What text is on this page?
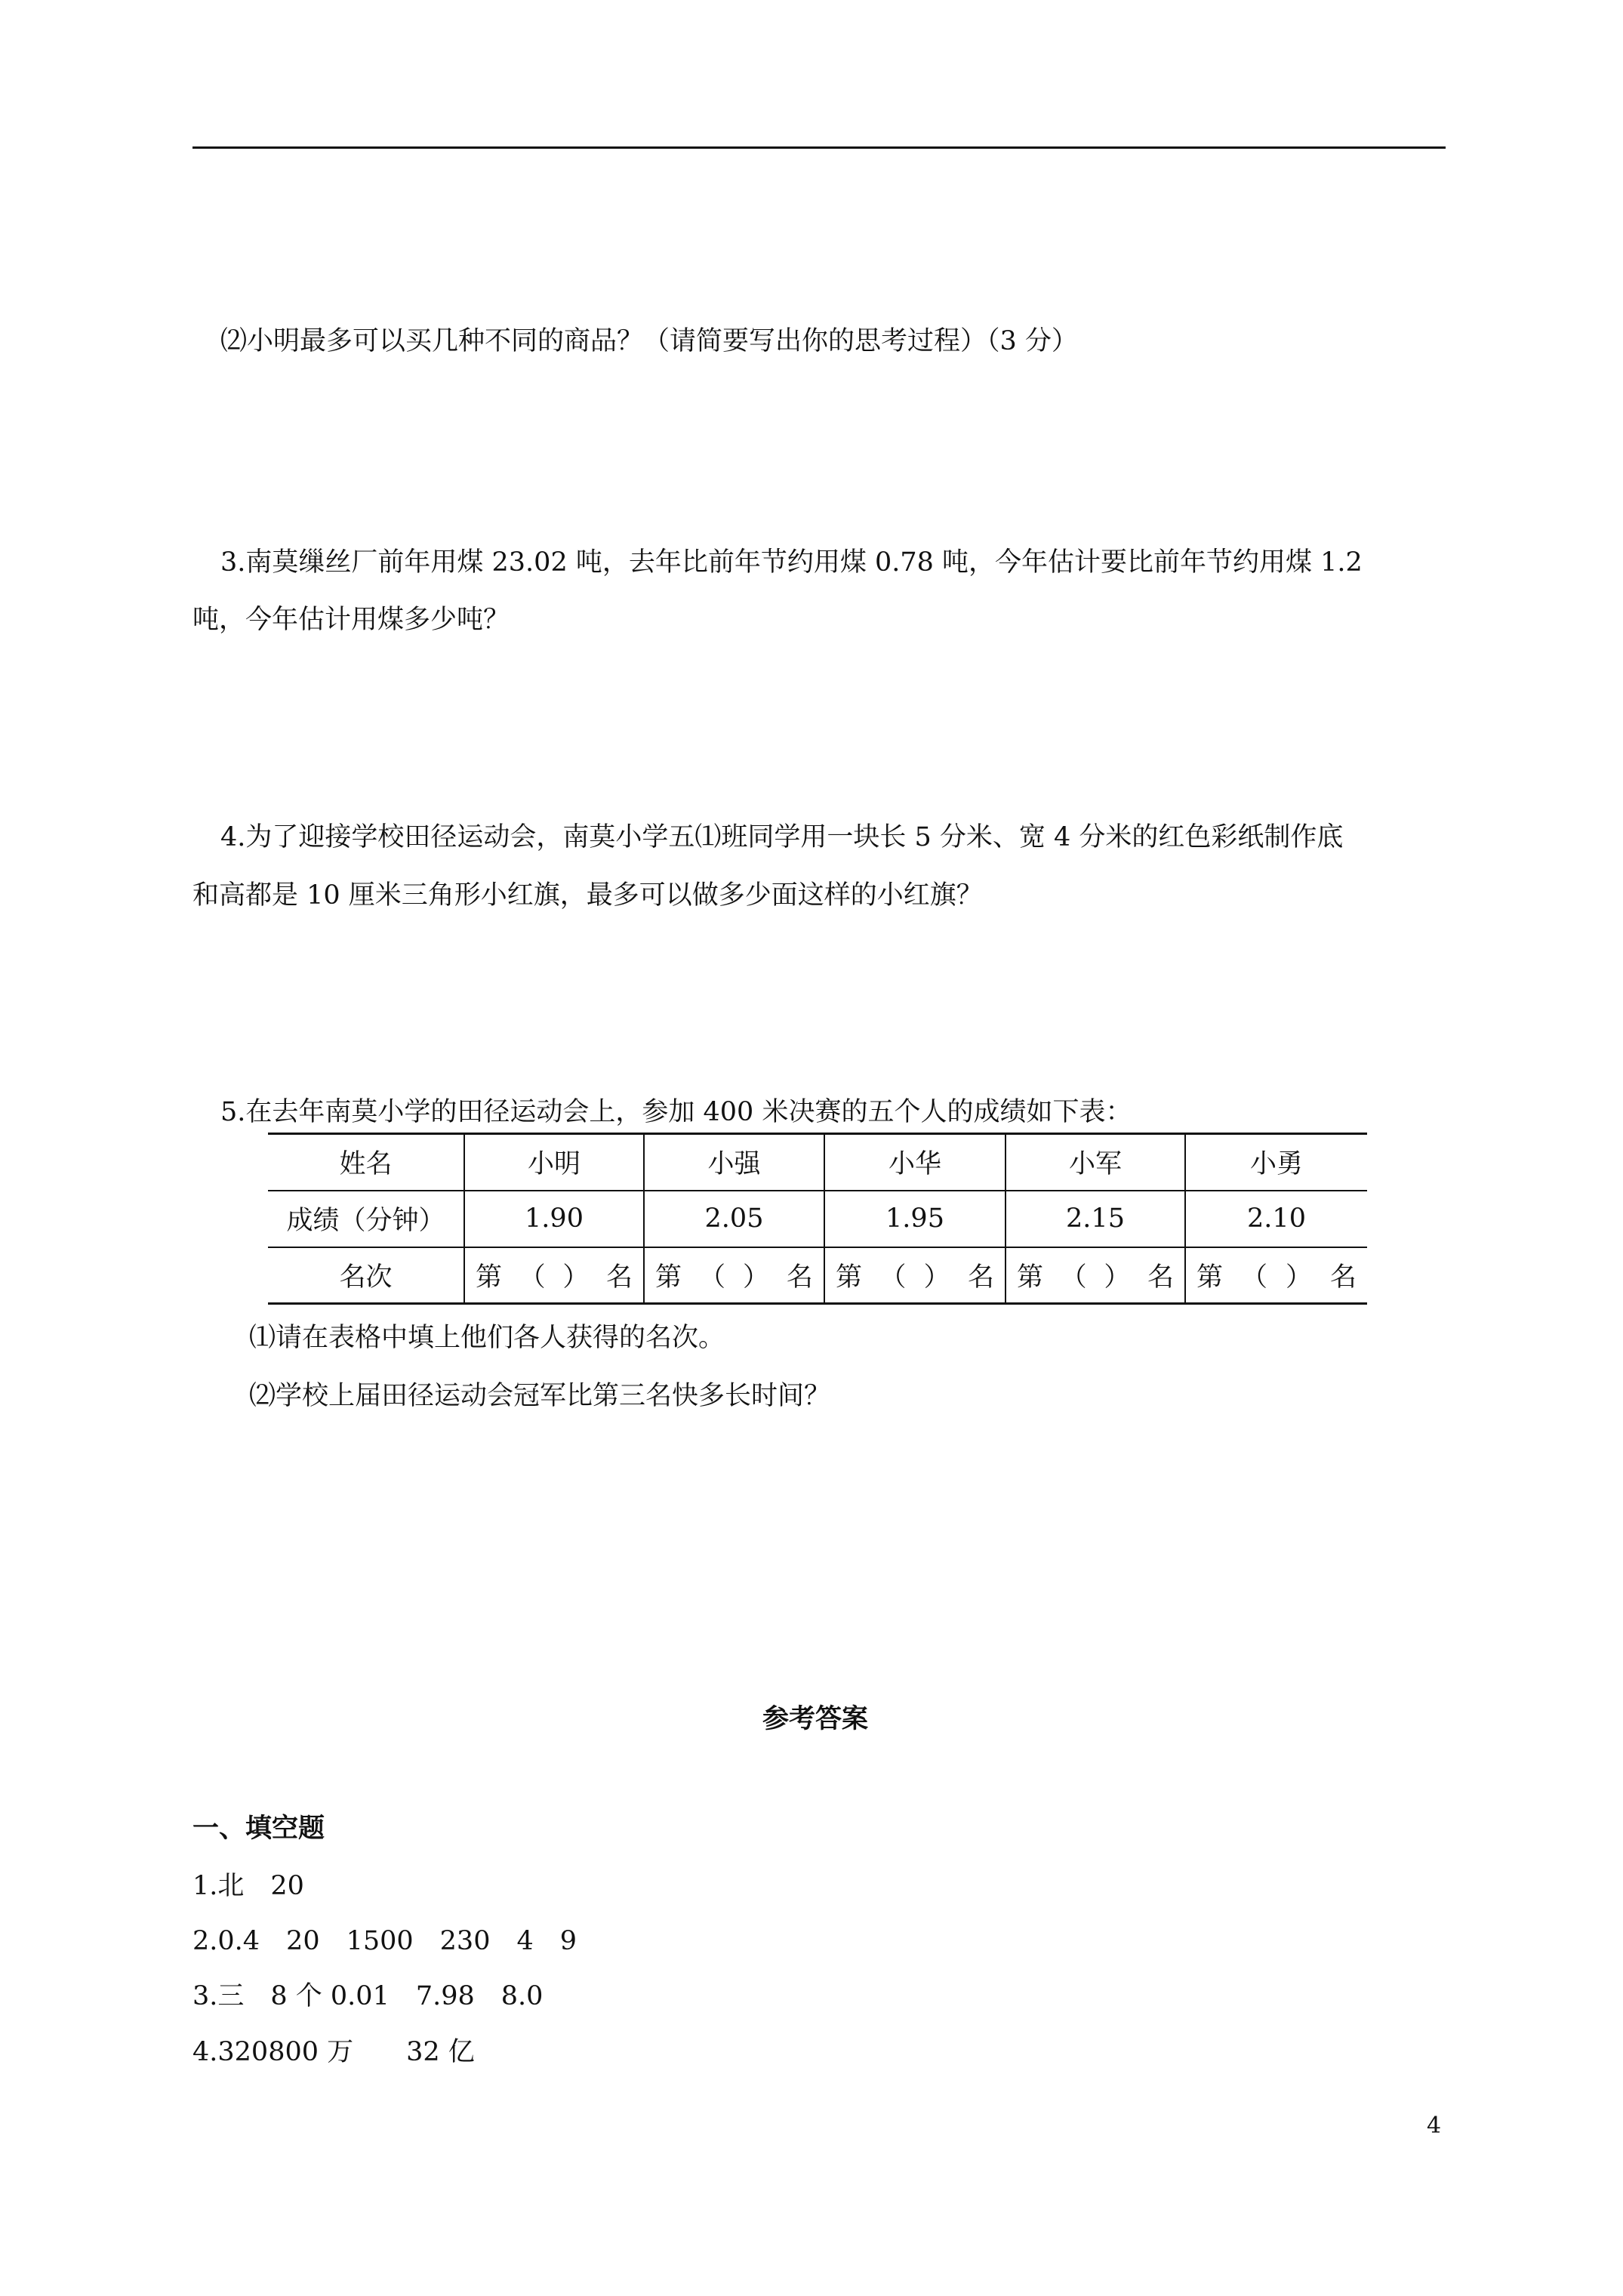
⑵小明最多可以买几种不同的商品？（请简要写出你的思考过程）（3 分）
3.南莫缫丝厂前年用煤 23.02 吨，去年比前年节约用煤 0.78 吨，今年估计要比前年节约用煤 1.2
吨，今年估计用煤多少吨？
4.为了迎接学校田径运动会，南莫小学五⑴班同学用一块长 5 分米、宽 4 分米的红色彩纸制作底
和高都是 10 厘米三角形小红旗，最多可以做多少面这样的小红旗？
5.在去年南莫小学的田径运动会上，参加 400 米决赛的五个人的成绩如下表：
姓名	小明	小强	小华	小军	小勇
成绩（分钟）	1.90	2.05	1.95	2.15	2.10
名次	第 （ ） 名	第 （ ） 名	第 （ ） 名	第 （ ） 名	第 （ ） 名
⑴请在表格中填上他们各人获得的名次。
⑵学校上届田径运动会冠军比第三名快多长时间？
参考答案
一、填空题
1.北　20
2.0.4　20　1500　230　4　9
3.三　8 个 0.01　7.98　8.0
4.320800 万　　32 亿
4
